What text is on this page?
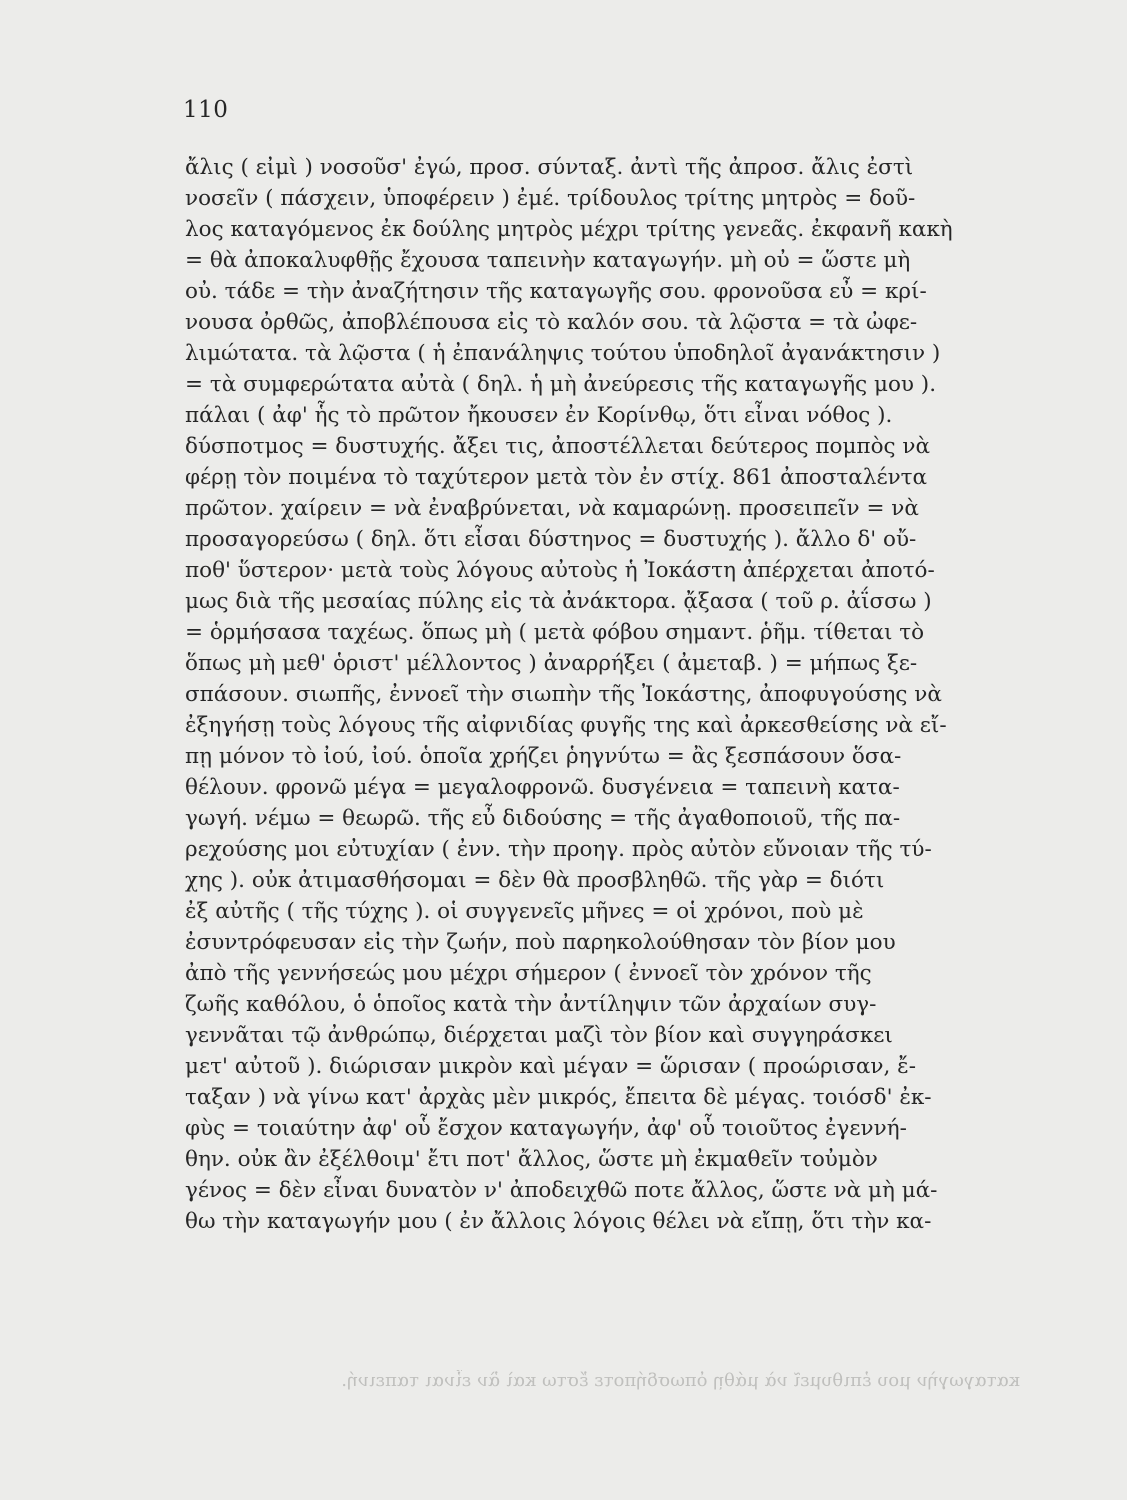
110
ἄλις ( εἰμὶ ) νοσοῦσ' ἐγώ, προσ. σύνταξ. ἀντὶ τῆς ἀπροσ. ἄλις ἐστὶ
νοσεῖν ( πάσχειν, ὑποφέρειν ) ἐμέ. τρίδουλος τρίτης μητρὸς = δοῦ-
λος καταγόμενος ἐκ δούλης μητρὸς μέχρι τρίτης γενεᾶς. ἐκφανῆ κακὴ
= θὰ ἀποκαλυφθῇς ἔχουσα ταπεινὴν καταγωγήν. μὴ οὐ = ὥστε μὴ
οὐ. τάδε = τὴν ἀναζήτησιν τῆς καταγωγῆς σου. φρονοῦσα εὖ = κρί-
νουσα ὀρθῶς, ἀποβλέπουσα εἰς τὸ καλόν σου. τὰ λῷστα = τὰ ὠφε-
λιμώτατα. τὰ λῷστα ( ἡ ἐπανάληψις τούτου ὑποδηλοῖ ἀγανάκτησιν )
= τὰ συμφερώτατα αὐτὰ ( δηλ. ἡ μὴ ἀνεύρεσις τῆς καταγωγῆς μου ).
πάλαι ( ἀφ' ἧς τὸ πρῶτον ἤκουσεν ἐν Κορίνθῳ, ὅτι εἶναι νόθος ).
δύσποτμος = δυστυχής. ἄξει τις, ἀποστέλλεται δεύτερος πομπὸς νὰ
φέρῃ τὸν ποιμένα τὸ ταχύτερον μετὰ τὸν ἐν στίχ. 861 ἀποσταλέντα
πρῶτον. χαίρειν = νὰ ἐναβρύνεται, νὰ καμαρώνῃ. προσειπεῖν = νὰ
προσαγορεύσω ( δηλ. ὅτι εἶσαι δύστηνος = δυστυχής ). ἄλλο δ' οὔ-
ποθ' ὕστερον· μετὰ τοὺς λόγους αὐτοὺς ἡ Ἰοκάστη ἀπέρχεται ἀποτό-
μως διὰ τῆς μεσαίας πύλης εἰς τὰ ἀνάκτορα. ᾄξασα ( τοῦ ρ. ἀΐσσω )
= ὁρμήσασα ταχέως. ὅπως μὴ ( μετὰ φόβου σημαντ. ῥῆμ. τίθεται τὸ
ὅπως μὴ μεθ' ὁριστ' μέλλοντος ) ἀναρρήξει ( ἀμεταβ. ) = μήπως ξε-
σπάσουν. σιωπῆς, ἐννοεῖ τὴν σιωπὴν τῆς Ἰοκάστης, ἀποφυγούσης νὰ
ἐξηγήσῃ τοὺς λόγους τῆς αἰφνιδίας φυγῆς της καὶ ἀρκεσθείσης νὰ εἴ-
πῃ μόνον τὸ ἰού, ἰού. ὁποῖα χρήζει ῥηγνύτω = ἂς ξεσπάσουν ὅσα-
θέλουν. φρονῶ μέγα = μεγαλοφρονῶ. δυσγένεια = ταπεινὴ κατα-
γωγή. νέμω = θεωρῶ. τῆς εὖ διδούσης = τῆς ἀγαθοποιοῦ, τῆς πα-
ρεχούσης μοι εὐτυχίαν ( ἐνν. τὴν προηγ. πρὸς αὐτὸν εὔνοιαν τῆς τύ-
χης ). οὐκ ἀτιμασθήσομαι = δὲν θὰ προσβληθῶ. τῆς γὰρ = διότι
ἐξ αὐτῆς ( τῆς τύχης ). οἱ συγγενεῖς μῆνες = οἱ χρόνοι, ποὺ μὲ
ἐσυντρόφευσαν εἰς τὴν ζωήν, ποὺ παρηκολούθησαν τὸν βίον μου
ἀπὸ τῆς γεννήσεώς μου μέχρι σήμερον ( ἐννοεῖ τὸν χρόνον τῆς
ζωῆς καθόλου, ὁ ὁποῖος κατὰ τὴν ἀντίληψιν τῶν ἀρχαίων συγ-
γεννᾶται τῷ ἀνθρώπῳ, διέρχεται μαζὶ τὸν βίον καὶ συγγηράσκει
μετ' αὐτοῦ ). διώρισαν μικρὸν καὶ μέγαν = ὥρισαν ( προώρισαν, ἔ-
ταξαν ) νὰ γίνω κατ' ἀρχὰς μὲν μικρός, ἔπειτα δὲ μέγας. τοιόσδ' ἐκ-
φὺς = τοιαύτην ἀφ' οὗ ἔσχον καταγωγήν, ἀφ' οὗ τοιοῦτος ἐγεννή-
θην. οὐκ ἂν ἐξέλθοιμ' ἔτι ποτ' ἄλλος, ὥστε μὴ ἐκμαθεῖν τοὐμὸν
γένος = δὲν εἶναι δυνατὸν ν' ἀποδειχθῶ ποτε ἄλλος, ὥστε νὰ μὴ μά-
θω τὴν καταγωγήν μου ( ἐν ἄλλοις λόγοις θέλει νὰ εἴπῃ, ὅτι τὴν κα-
καταγωγὴν μου ἐπιθυμεῖ νὰ μάθῃ ὁπωσδήποτε ἔστω καὶ ἂν εἶναι ταπεινή.
